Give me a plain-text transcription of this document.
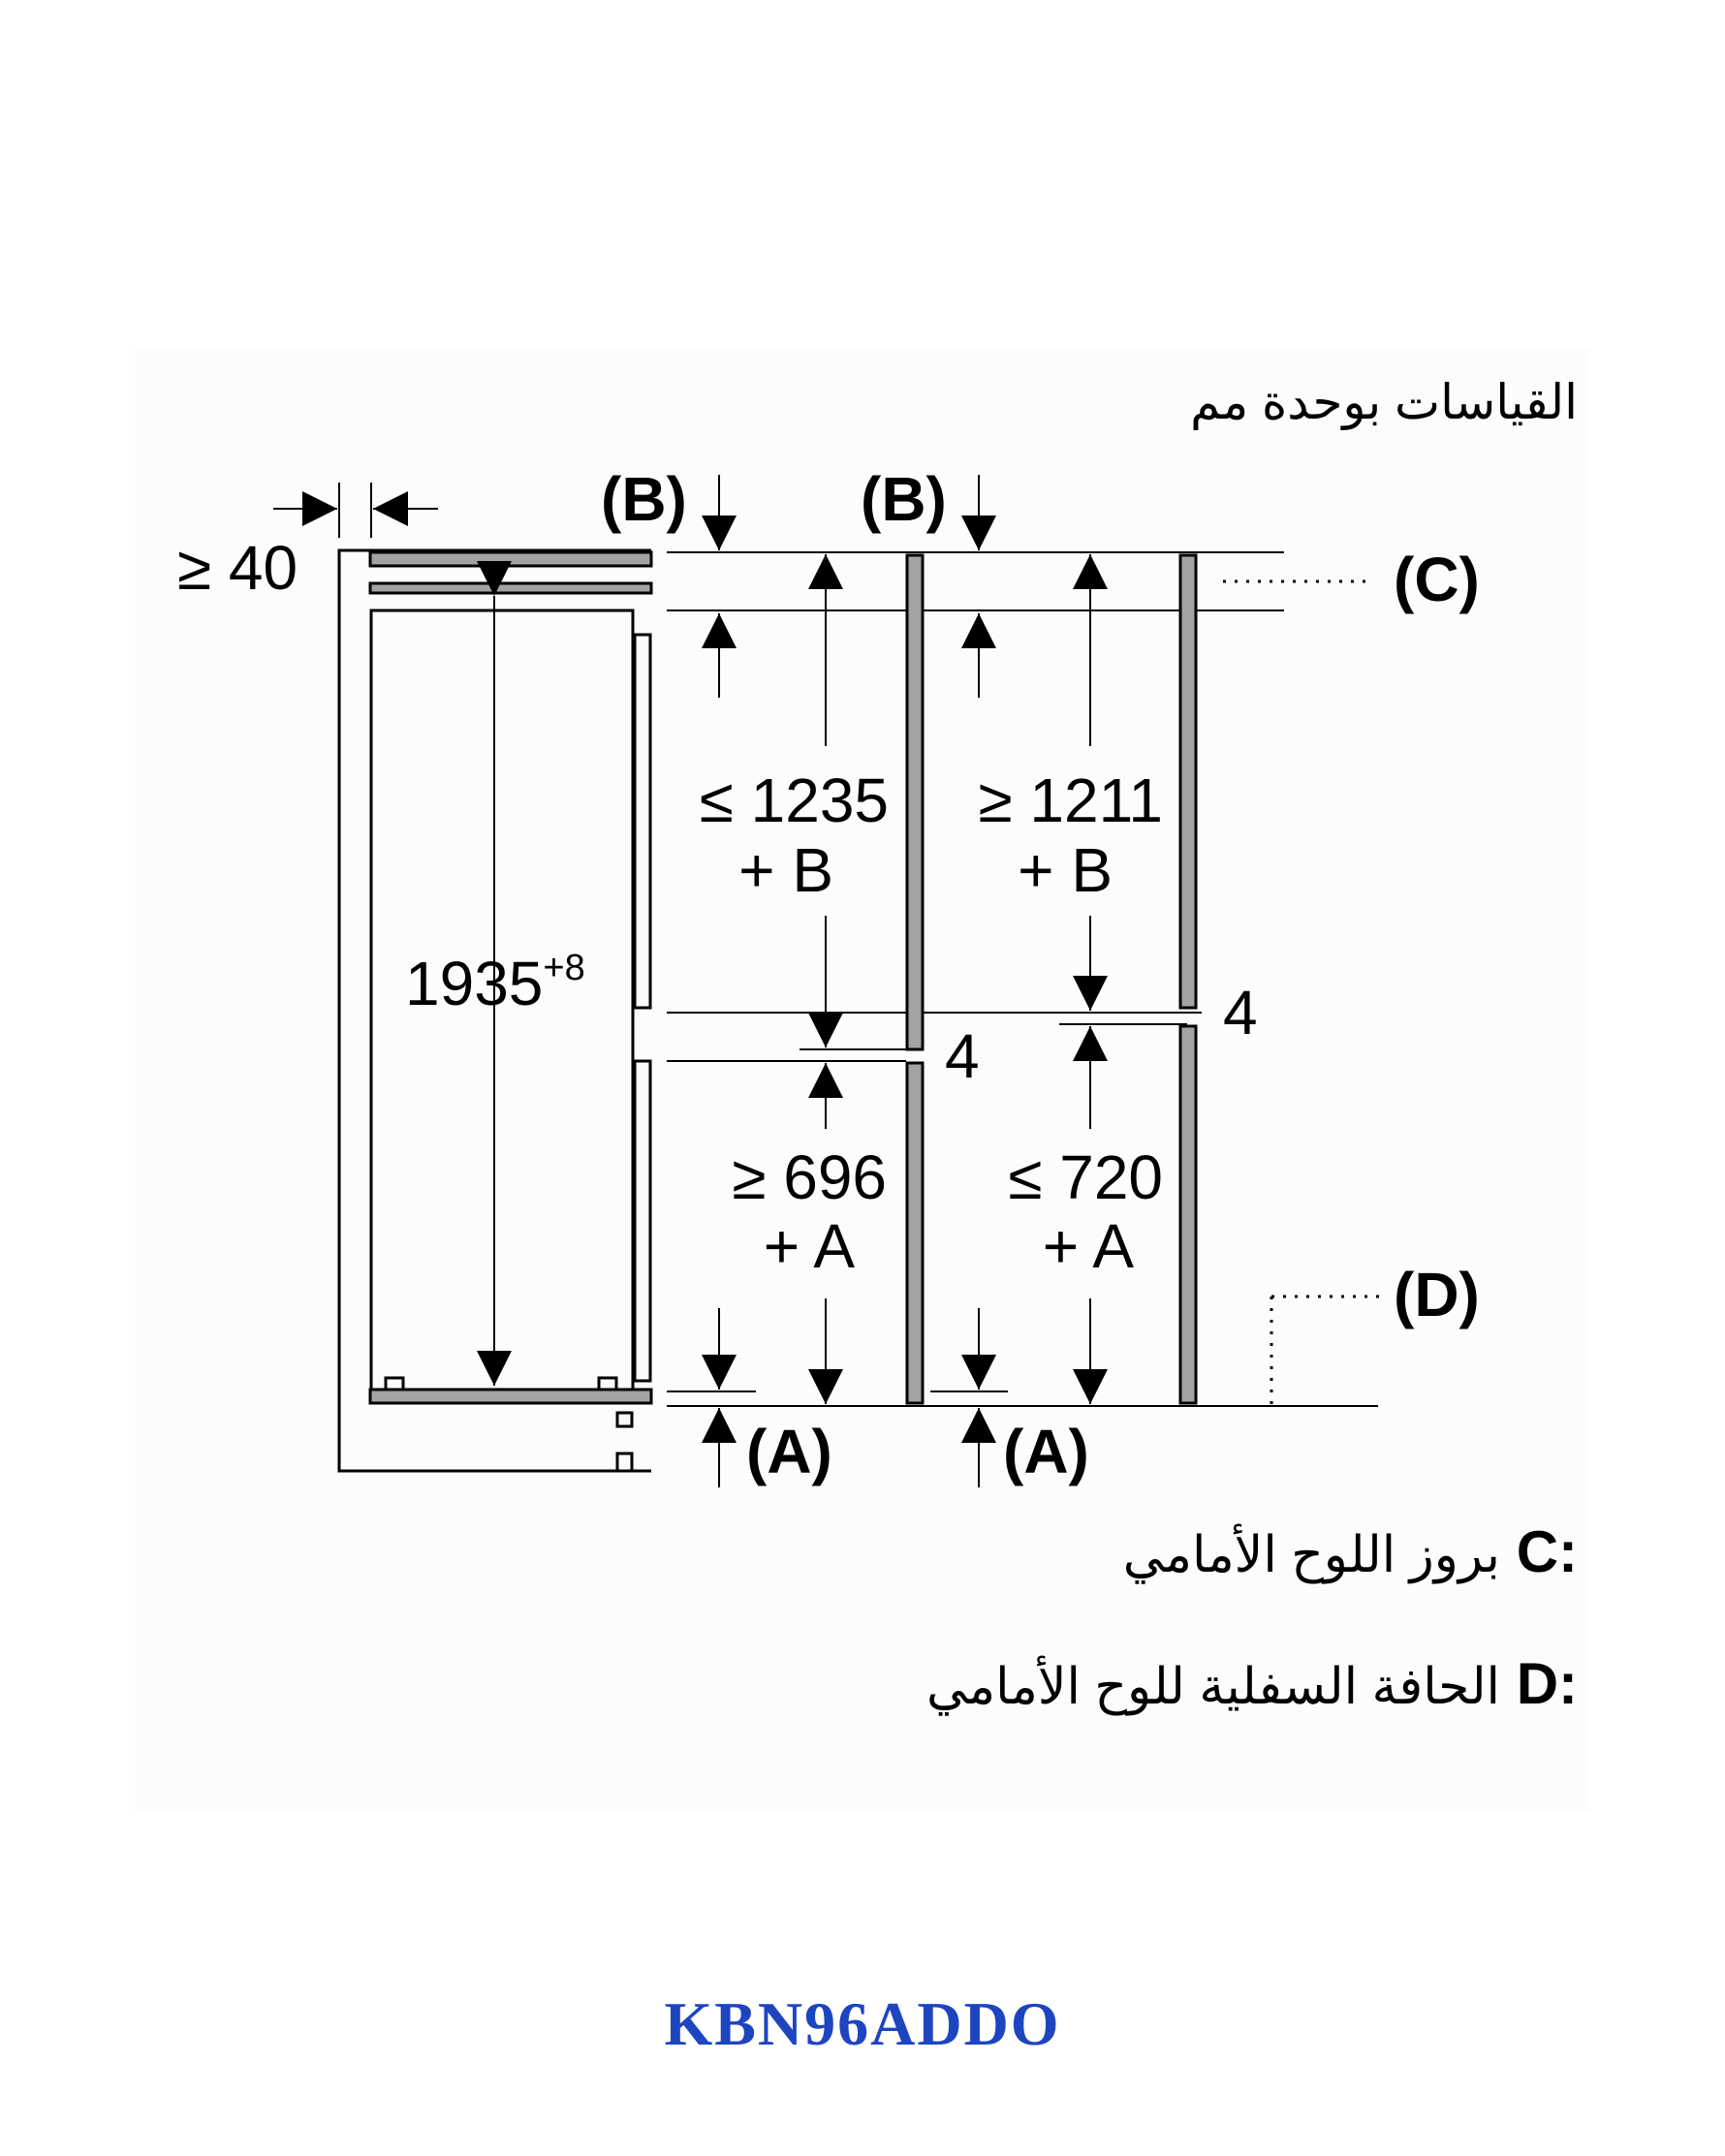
القياسات بوحدة مم
≥ 40
$1935^{+8}$
(B)	(B)
≤ 1235
+ B
≥ 1211
+ B
4
4
≥ 696
+ A
≤ 720
+ A
(A)	(A)
(C)
(D)
C:
بروز اللوح الأمامي
D:
الحافة السفلية للوح الأمامي
KBN96ADDO
